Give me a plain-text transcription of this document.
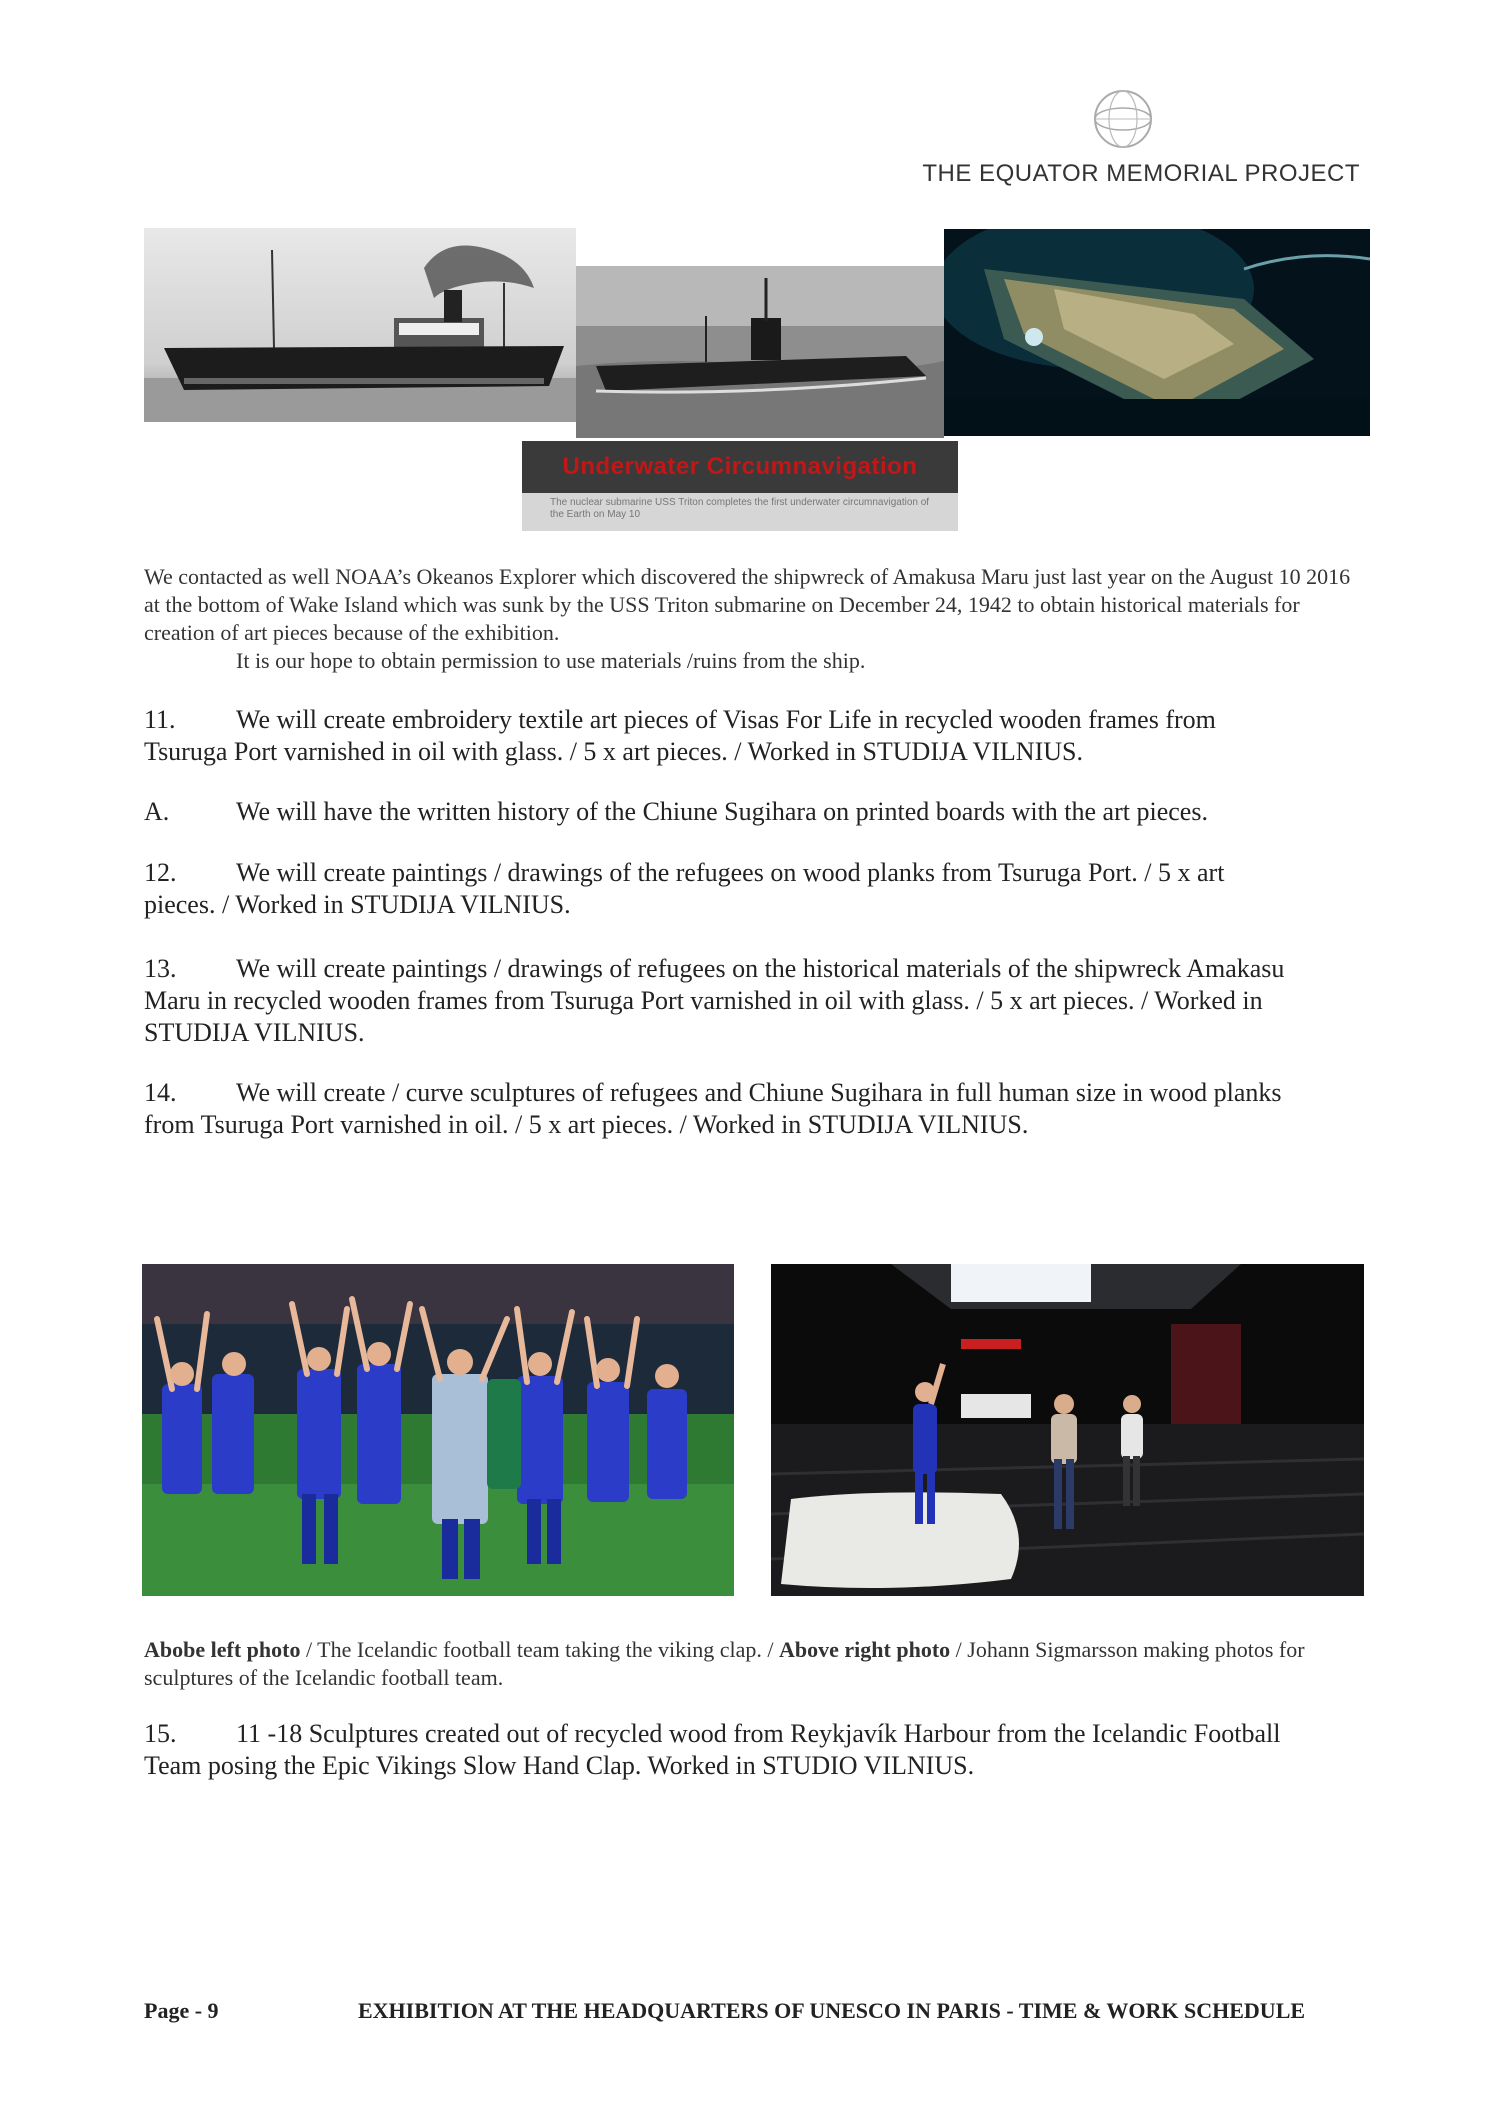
THE EQUATOR MEMORIAL PROJECT
Underwater Circumnavigation
The nuclear submarine USS Triton completes the first underwater circumnavigation of the Earth on May 10

We contacted as well NOAA’s Okeanos Explorer which discovered the shipwreck of Amakusa Maru just last year on the August 10 2016 at the bottom of Wake Island which was sunk by the USS Triton submarine on December 24, 1942 to obtain historical materials for creation of art pieces because of the exhibition.

It is our hope to obtain permission to use materials /ruins from the ship.

11. We will create embroidery textile art pieces of Visas For Life in recycled wooden frames from

Tsuruga Port varnished in oil with glass. / 5 x art pieces. / Worked in STUDIJA VILNIUS.

A.	We will have the written history of the Chiune Sugihara on printed boards with the art pieces.

12. We will create paintings / drawings of the refugees on wood planks from Tsuruga Port. / 5 x art

pieces. / Worked in STUDIJA VILNIUS.

13. We will create paintings / drawings of refugees on the historical materials of the shipwreck Amakasu

Maru in recycled wooden frames from Tsuruga Port varnished in oil with glass. / 5 x art pieces. / Worked in STUDIJA VILNIUS.

14. We will create / curve sculptures of refugees and Chiune Sugihara in full human size in wood planks

from Tsuruga Port varnished in oil. / 5 x art pieces. / Worked in STUDIJA VILNIUS.

Abobe left photo / The Icelandic football team taking the viking clap. / Above right photo / Johann Sigmarsson making photos for sculptures of the Icelandic football team.

15. 11 -18 Sculptures created out of recycled wood from Reykjavík Harbour from the Icelandic Football

Team posing the Epic Vikings Slow Hand Clap. Worked in STUDIO VILNIUS.

Page - 9	EXHIBITION AT THE HEADQUARTERS OF UNESCO IN PARIS - TIME & WORK SCHEDULE
